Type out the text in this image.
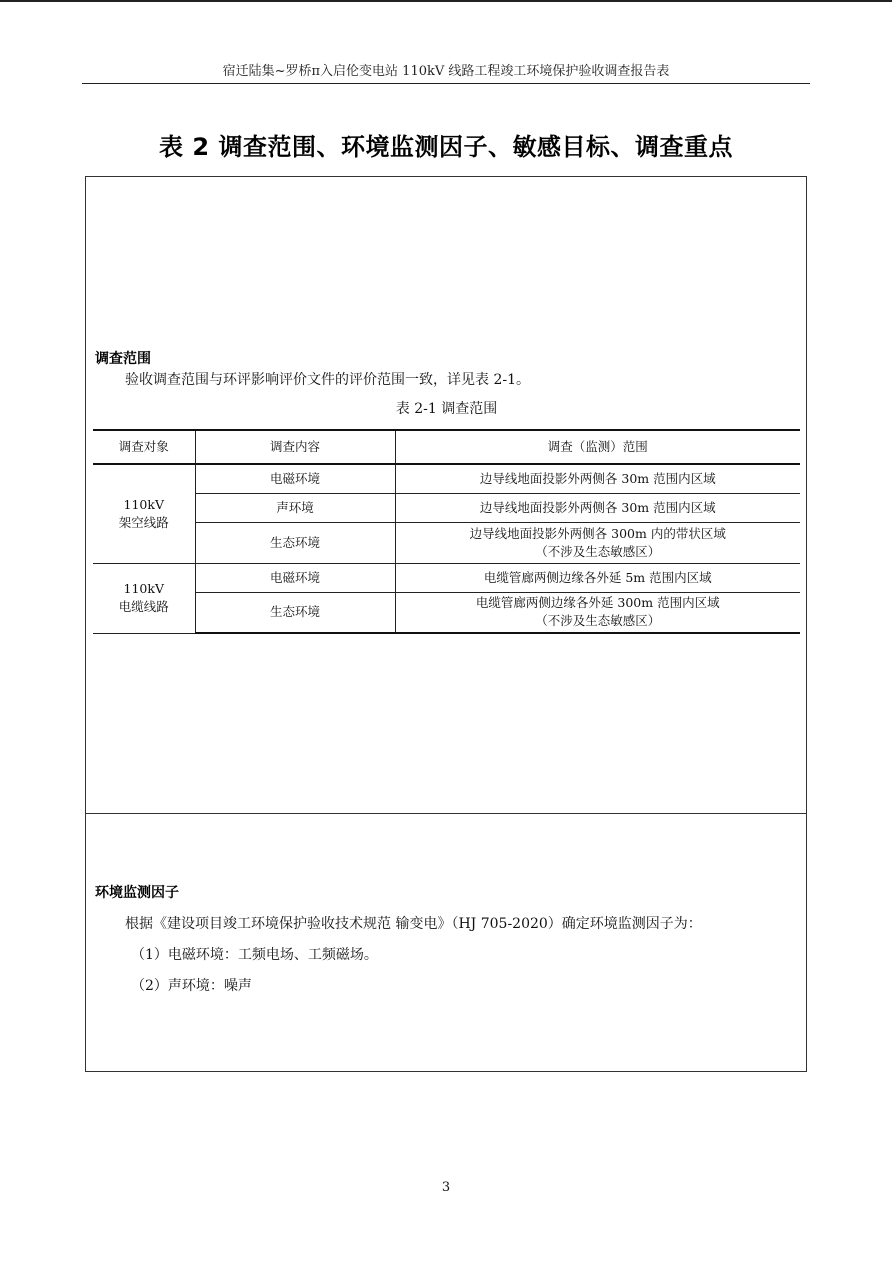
宿迁陆集~罗桥π入启伦变电站 110kV 线路工程竣工环境保护验收调查报告表
表 2 调查范围、环境监测因子、敏感目标、调查重点
调查范围
验收调查范围与环评影响评价文件的评价范围一致，详见表 2-1。
表 2-1 调查范围
调查对象	调查内容	调查（监测）范围

110kV
架空线路	电磁环境	边导线地面投影外两侧各 30m 范围内区域

	声环境	边导线地面投影外两侧各 30m 范围内区域

	生态环境	边导线地面投影外两侧各 300m 内的带状区域
（不涉及生态敏感区）

110kV
电缆线路	电磁环境	电缆管廊两侧边缘各外延 5m 范围内区域

	生态环境	电缆管廊两侧边缘各外延 300m 范围内区域
（不涉及生态敏感区）
环境监测因子
根据《建设项目竣工环境保护验收技术规范 输变电》（HJ 705-2020）确定环境监测因子为：
（1）电磁环境：工频电场、工频磁场。
（2）声环境：噪声
3
